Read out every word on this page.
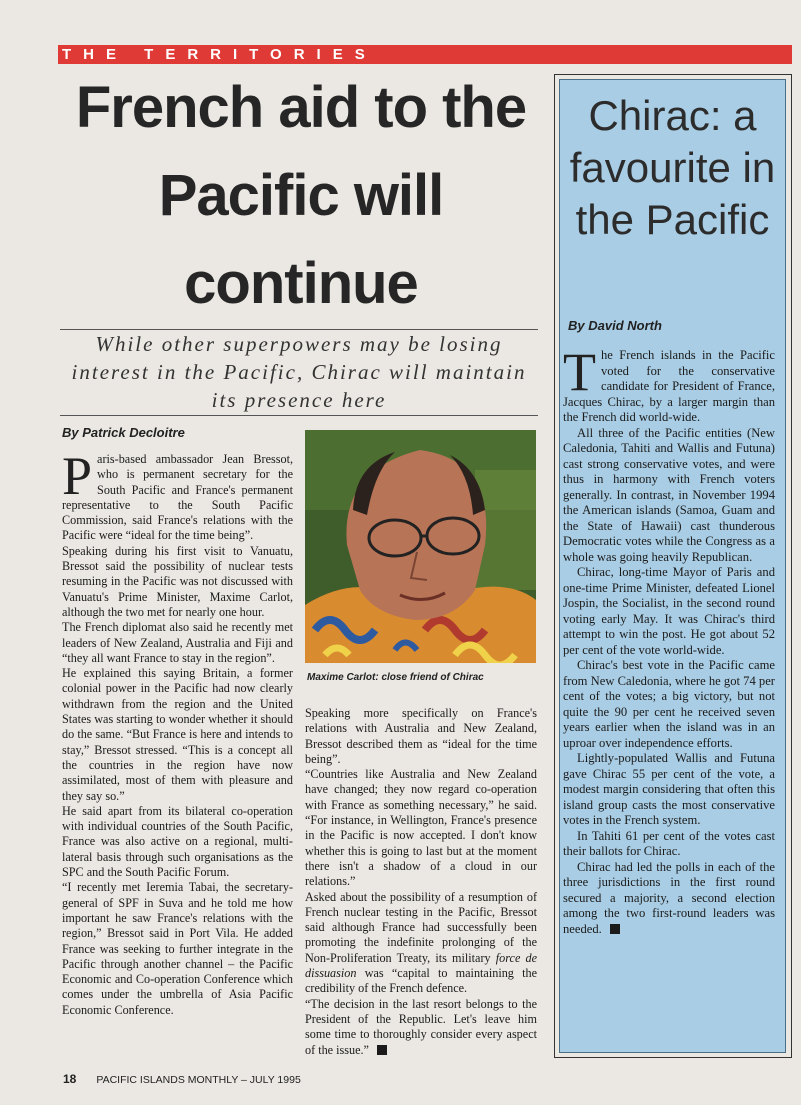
THE TERRITORIES
French aid to the Pacific will continue

While other superpowers may be losing interest in the Pacific, Chirac will maintain its presence here

By Patrick Decloitre

Paris-based ambassador Jean Bressot, who is permanent secretary for the South Pacific and France's permanent representative to the South Pacific Commission, said France's relations with the Pacific were “ideal for the time being”.

Speaking during his first visit to Vanuatu, Bressot said the possibility of nuclear tests resuming in the Pacific was not discussed with Vanuatu's Prime Minister, Maxime Carlot, although the two met for nearly one hour.

The French diplomat also said he recently met leaders of New Zealand, Australia and Fiji and “they all want France to stay in the region”.

He explained this saying Britain, a former colonial power in the Pacific had now clearly withdrawn from the region and the United States was starting to wonder whether it should do the same. “But France is here and intends to stay,” Bressot stressed. “This is a concept all the countries in the region have now assimilated, most of them with pleasure and they say so.”

He said apart from its bilateral co-operation with individual countries of the South Pacific, France was also active on a regional, multi-lateral basis through such organisations as the SPC and the South Pacific Forum.

“I recently met Ieremia Tabai, the secretary-general of SPF in Suva and he told me how important he saw France's relations with the region,” Bressot said in Port Vila. He added France was seeking to further integrate in the Pacific through another channel – the Pacific Economic and Co-operation Conference which comes under the umbrella of Asia Pacific Economic Conference.

Maxime Carlot: close friend of Chirac

Speaking more specifically on France's relations with Australia and New Zealand, Bressot described them as “ideal for the time being”.

“Countries like Australia and New Zealand have changed; they now regard co-operation with France as something necessary,” he said. “For instance, in Wellington, France's presence in the Pacific is now accepted. I don't know whether this is going to last but at the moment there isn't a shadow of a cloud in our relations.”

Asked about the possibility of a resumption of French nuclear testing in the Pacific, Bressot said although France had successfully been promoting the indefinite prolonging of the Non-Proliferation Treaty, its military force de dissuasion was “capital to maintaining the credibility of the French defence.

“The decision in the last resort belongs to the President of the Republic. Let's leave him some time to thoroughly consider every aspect of the issue.”

Chirac: a favourite in the Pacific

By David North

The French islands in the Pacific voted for the conservative candidate for President of France, Jacques Chirac, by a larger margin than the French did world-wide.

All three of the Pacific entities (New Caledonia, Tahiti and Wallis and Futuna) cast strong conservative votes, and were thus in harmony with French voters generally. In contrast, in November 1994 the American islands (Samoa, Guam and the State of Hawaii) cast thunderous Democratic votes while the Congress as a whole was going heavily Republican.

Chirac, long-time Mayor of Paris and one-time Prime Minister, defeated Lionel Jospin, the Socialist, in the second round voting early May. It was Chirac's third attempt to win the post. He got about 52 per cent of the vote world-wide.

Chirac's best vote in the Pacific came from New Caledonia, where he got 74 per cent of the votes; a big victory, but not quite the 90 per cent he received seven years earlier when the island was in an uproar over independence efforts.

Lightly-populated Wallis and Futuna gave Chirac 55 per cent of the vote, a modest margin considering that often this island group casts the most conservative votes in the French system.

In Tahiti 61 per cent of the votes cast their ballots for Chirac.

Chirac had led the polls in each of the three jurisdictions in the first round secured a majority, a second election among the two first-round leaders was needed.

18 PACIFIC ISLANDS MONTHLY – JULY 1995
